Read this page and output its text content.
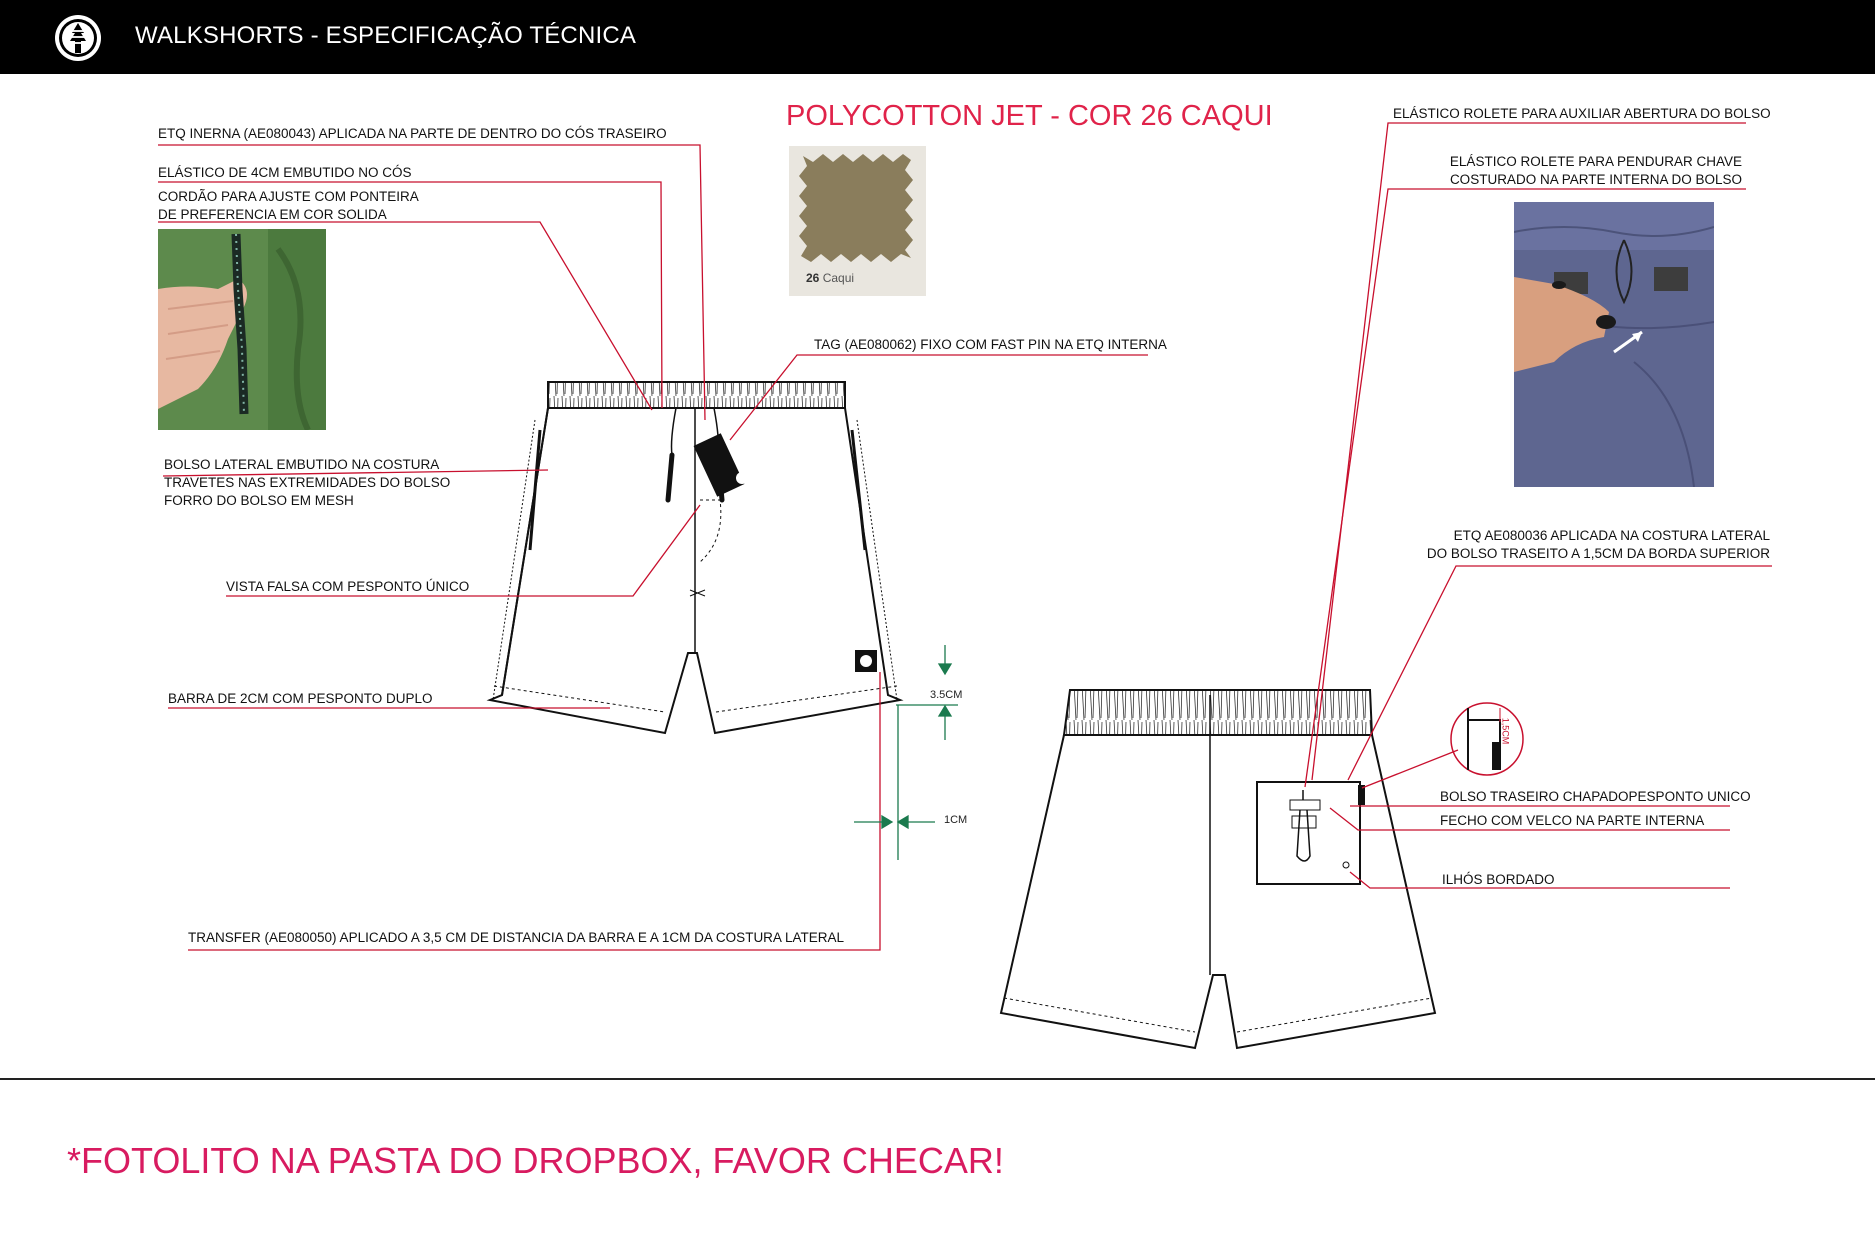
WALKSHORTS - ESPECIFICAÇÃO TÉCNICA
POLYCOTTON JET - COR 26 CAQUI
26 Caqui
ETQ INERNA (AE080043) APLICADA NA PARTE DE DENTRO DO CÓS TRASEIRO
ELÁSTICO DE 4CM EMBUTIDO NO CÓS
CORDÃO PARA AJUSTE COM PONTEIRA
DE PREFERENCIA EM COR SOLIDA
TAG (AE080062) FIXO COM FAST PIN NA ETQ INTERNA
BOLSO LATERAL EMBUTIDO NA COSTURA
TRAVETES NAS EXTREMIDADES DO BOLSO
FORRO DO BOLSO EM MESH
VISTA FALSA COM PESPONTO ÚNICO
BARRA DE 2CM COM PESPONTO DUPLO
TRANSFER (AE080050) APLICADO A 3,5 CM DE DISTANCIA DA BARRA E A 1CM DA COSTURA LATERAL
3.5CM
1CM
1,5CM
ELÁSTICO ROLETE PARA AUXILIAR ABERTURA DO BOLSO
ELÁSTICO ROLETE PARA PENDURAR CHAVE
COSTURADO NA PARTE INTERNA DO BOLSO
ETQ AE080036 APLICADA NA COSTURA LATERAL
DO BOLSO TRASEITO A 1,5CM DA BORDA SUPERIOR
BOLSO TRASEIRO CHAPADOPESPONTO UNICO
FECHO COM VELCO NA PARTE INTERNA
ILHÓS BORDADO
*FOTOLITO NA PASTA DO DROPBOX, FAVOR CHECAR!
